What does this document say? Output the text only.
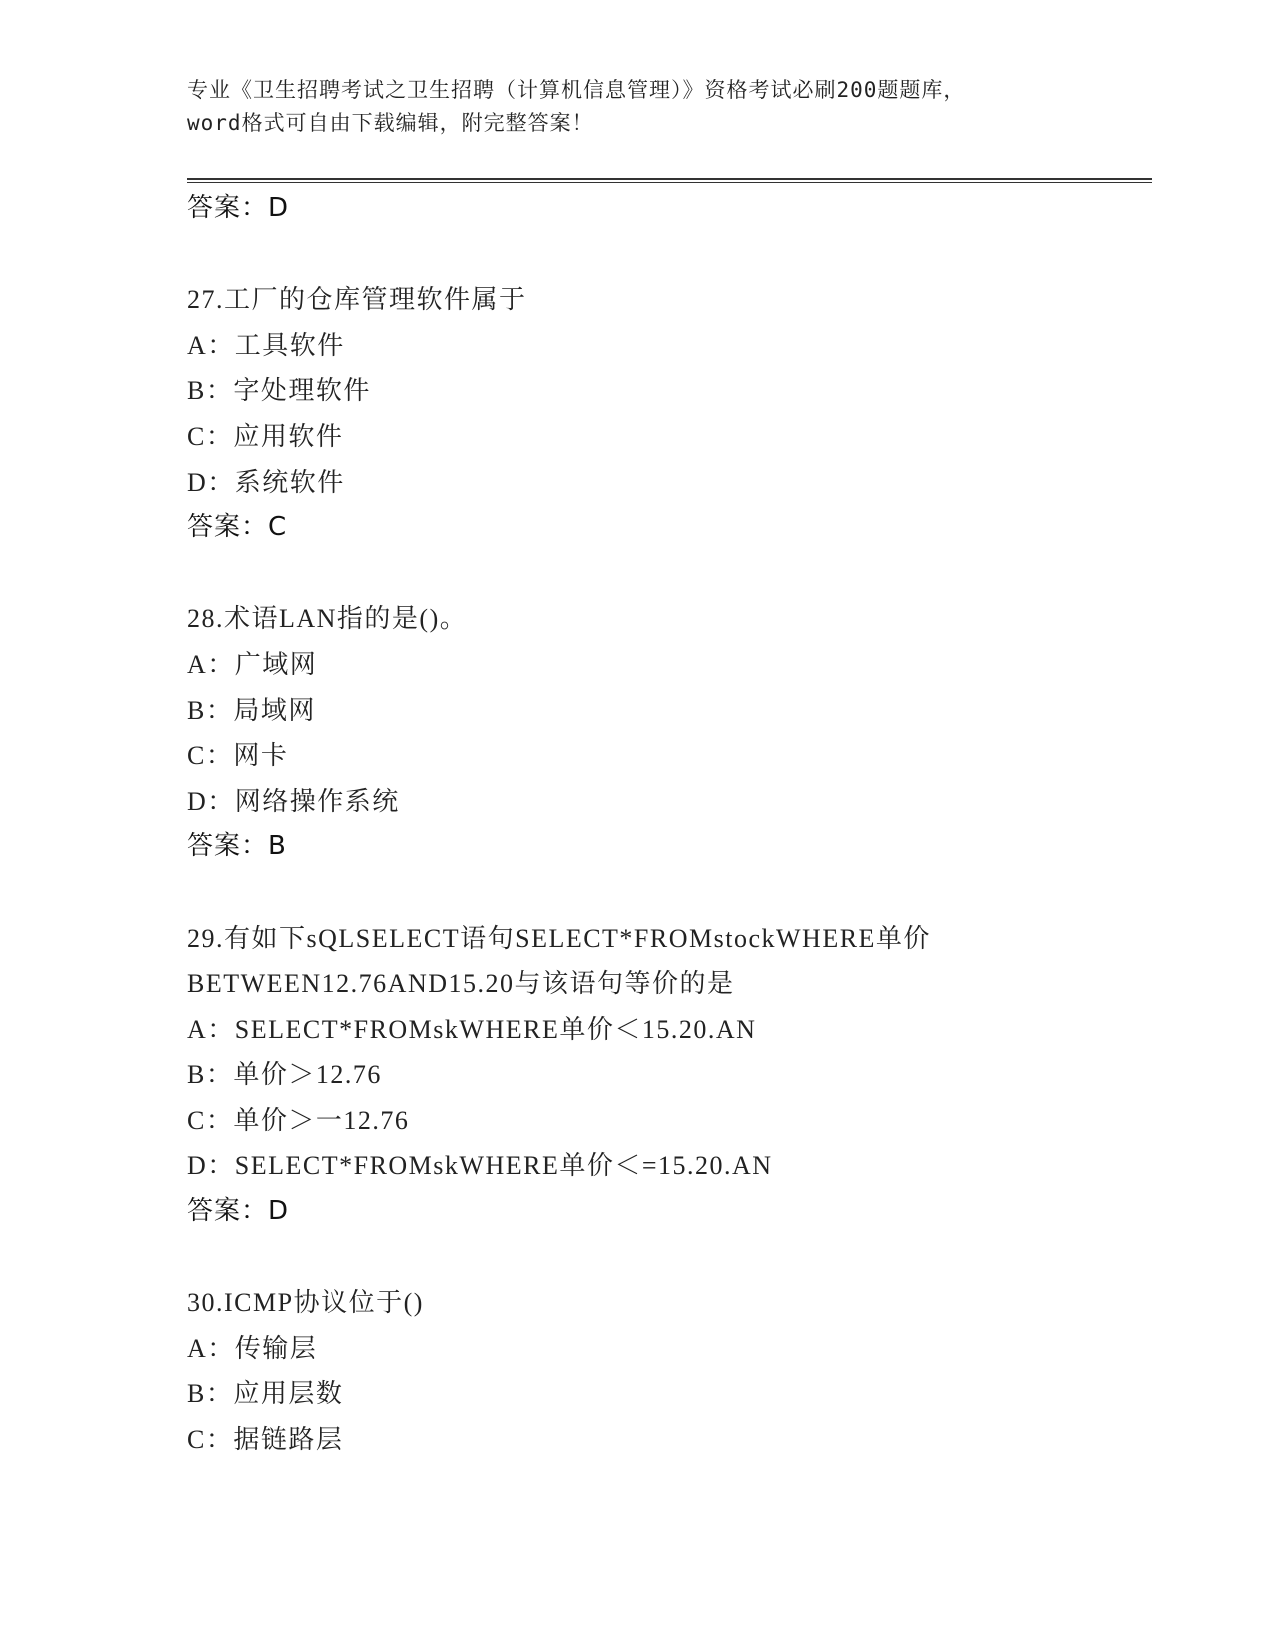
专业《卫生招聘考试之卫生招聘（计算机信息管理）》资格考试必刷200题题库，
word格式可自由下载编辑，附完整答案！
答案：D
27.工厂的仓库管理软件属于
A：工具软件
B：字处理软件
C：应用软件
D：系统软件
答案：C
28.术语LAN指的是()。
A：广域网
B：局域网
C：网卡
D：网络操作系统
答案：B
29.有如下sQLSELECT语句SELECT*FROMstockWHERE单价
BETWEEN12.76AND15.20与该语句等价的是
A：SELECT*FROMskWHERE单价＜15.20.AN
B：单价＞12.76
C：单价＞一12.76
D：SELECT*FROMskWHERE单价＜=15.20.AN
答案：D
30.ICMP协议位于()
A：传输层
B：应用层数
C：据链路层
